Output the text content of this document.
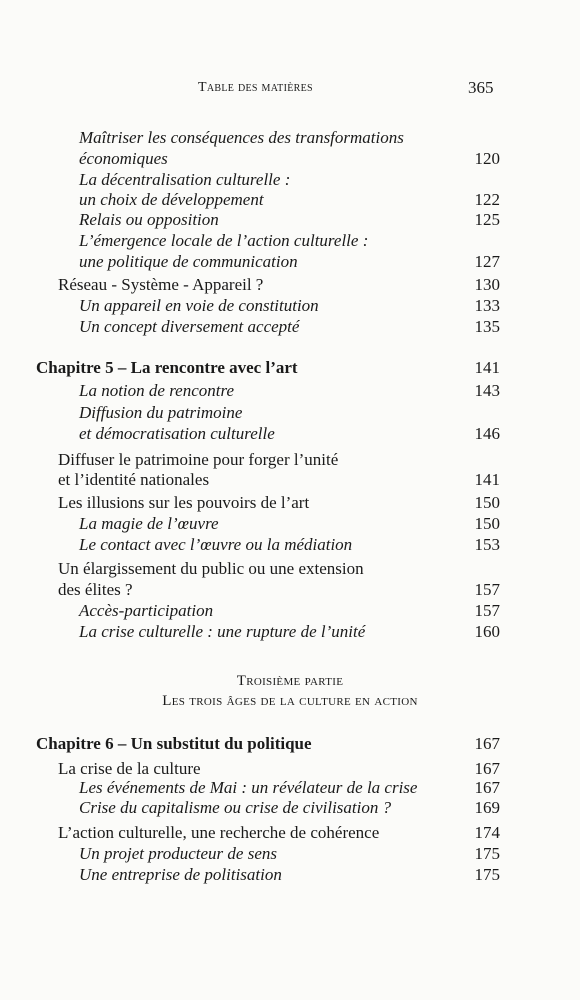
Table des matières	365
Maîtriser les conséquences des transformations
économiques	120
La décentralisation culturelle :
un choix de développement	122
Relais ou opposition	125
L’émergence locale de l’action culturelle :
une politique de communication	127
Réseau - Système - Appareil ?	130
Un appareil en voie de constitution	133
Un concept diversement accepté	135
Chapitre 5 – La rencontre avec l’art	141
La notion de rencontre	143
Diffusion du patrimoine
et démocratisation culturelle	146
Diffuser le patrimoine pour forger l’unité
et l’identité nationales	141
Les illusions sur les pouvoirs de l’art	150
La magie de l’œuvre	150
Le contact avec l’œuvre ou la médiation	153
Un élargissement du public ou une extension
des élites ?	157
Accès-participation	157
La crise culturelle : une rupture de l’unité	160
Troisième partie
Les trois âges de la culture en action
Chapitre 6 – Un substitut du politique	167
La crise de la culture	167
Les événements de Mai : un révélateur de la crise	167
Crise du capitalisme ou crise de civilisation ?	169
L’action culturelle, une recherche de cohérence	174
Un projet producteur de sens	175
Une entreprise de politisation	175
